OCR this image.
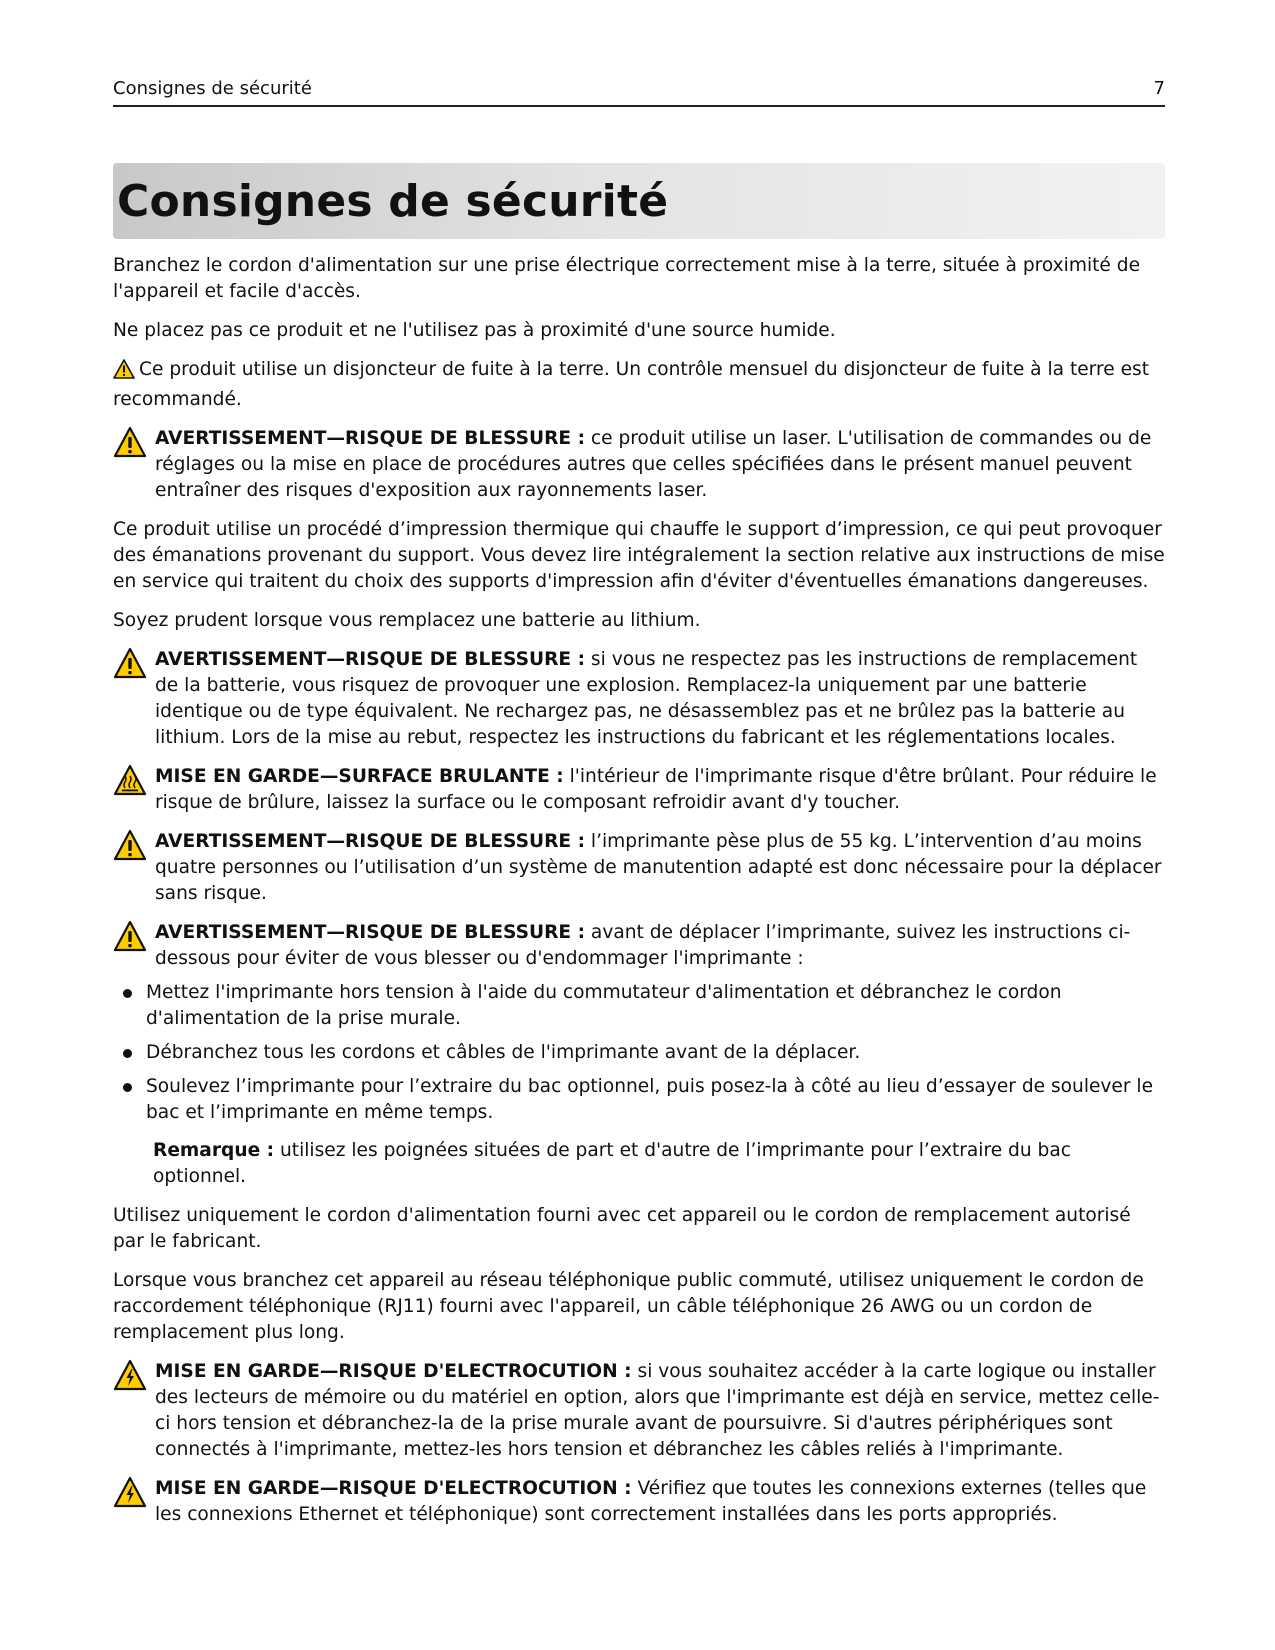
Consignes de sécurité	7
Consignes de sécurité

Branchez le cordon d'alimentation sur une prise électrique correctement mise à la terre, située à proximité de l'appareil et facile d'accès.

Ne placez pas ce produit et ne l'utilisez pas à proximité d'une source humide.

Ce produit utilise un disjoncteur de fuite à la terre. Un contrôle mensuel du disjoncteur de fuite à la terre est recommandé.

AVERTISSEMENT—RISQUE DE BLESSURE : ce produit utilise un laser. L'utilisation de commandes ou de réglages ou la mise en place de procédures autres que celles spécifiées dans le présent manuel peuvent entraîner des risques d'exposition aux rayonnements laser.

Ce produit utilise un procédé d’impression thermique qui chauffe le support d’impression, ce qui peut provoquer des émanations provenant du support. Vous devez lire intégralement la section relative aux instructions de mise en service qui traitent du choix des supports d'impression afin d'éviter d'éventuelles émanations dangereuses.

Soyez prudent lorsque vous remplacez une batterie au lithium.

AVERTISSEMENT—RISQUE DE BLESSURE : si vous ne respectez pas les instructions de remplacement de la batterie, vous risquez de provoquer une explosion. Remplacez-la uniquement par une batterie identique ou de type équivalent. Ne rechargez pas, ne désassemblez pas et ne brûlez pas la batterie au lithium. Lors de la mise au rebut, respectez les instructions du fabricant et les réglementations locales.
MISE EN GARDE—SURFACE BRULANTE : l'intérieur de l'imprimante risque d'être brûlant. Pour réduire le risque de brûlure, laissez la surface ou le composant refroidir avant d'y toucher.
AVERTISSEMENT—RISQUE DE BLESSURE : l’imprimante pèse plus de 55 kg. L’intervention d’au moins quatre personnes ou l’utilisation d’un système de manutention adapté est donc nécessaire pour la déplacer sans risque.
AVERTISSEMENT—RISQUE DE BLESSURE : avant de déplacer l’imprimante, suivez les instructions ci-dessous pour éviter de vous blesser ou d'endommager l'imprimante :
Mettez l'imprimante hors tension à l'aide du commutateur d'alimentation et débranchez le cordon d'alimentation de la prise murale.
Débranchez tous les cordons et câbles de l'imprimante avant de la déplacer.
Soulevez l’imprimante pour l’extraire du bac optionnel, puis posez-la à côté au lieu d’essayer de soulever le bac et l’imprimante en même temps.

Remarque : utilisez les poignées situées de part et d'autre de l’imprimante pour l’extraire du bac optionnel.

Utilisez uniquement le cordon d'alimentation fourni avec cet appareil ou le cordon de remplacement autorisé par le fabricant.

Lorsque vous branchez cet appareil au réseau téléphonique public commuté, utilisez uniquement le cordon de raccordement téléphonique (RJ11) fourni avec l'appareil, un câble téléphonique 26 AWG ou un cordon de remplacement plus long.

MISE EN GARDE—RISQUE D'ELECTROCUTION : si vous souhaitez accéder à la carte logique ou installer des lecteurs de mémoire ou du matériel en option, alors que l'imprimante est déjà en service, mettez celle-ci hors tension et débranchez-la de la prise murale avant de poursuivre. Si d'autres périphériques sont connectés à l'imprimante, mettez-les hors tension et débranchez les câbles reliés à l'imprimante.
MISE EN GARDE—RISQUE D'ELECTROCUTION : Vérifiez que toutes les connexions externes (telles que les connexions Ethernet et téléphonique) sont correctement installées dans les ports appropriés.
